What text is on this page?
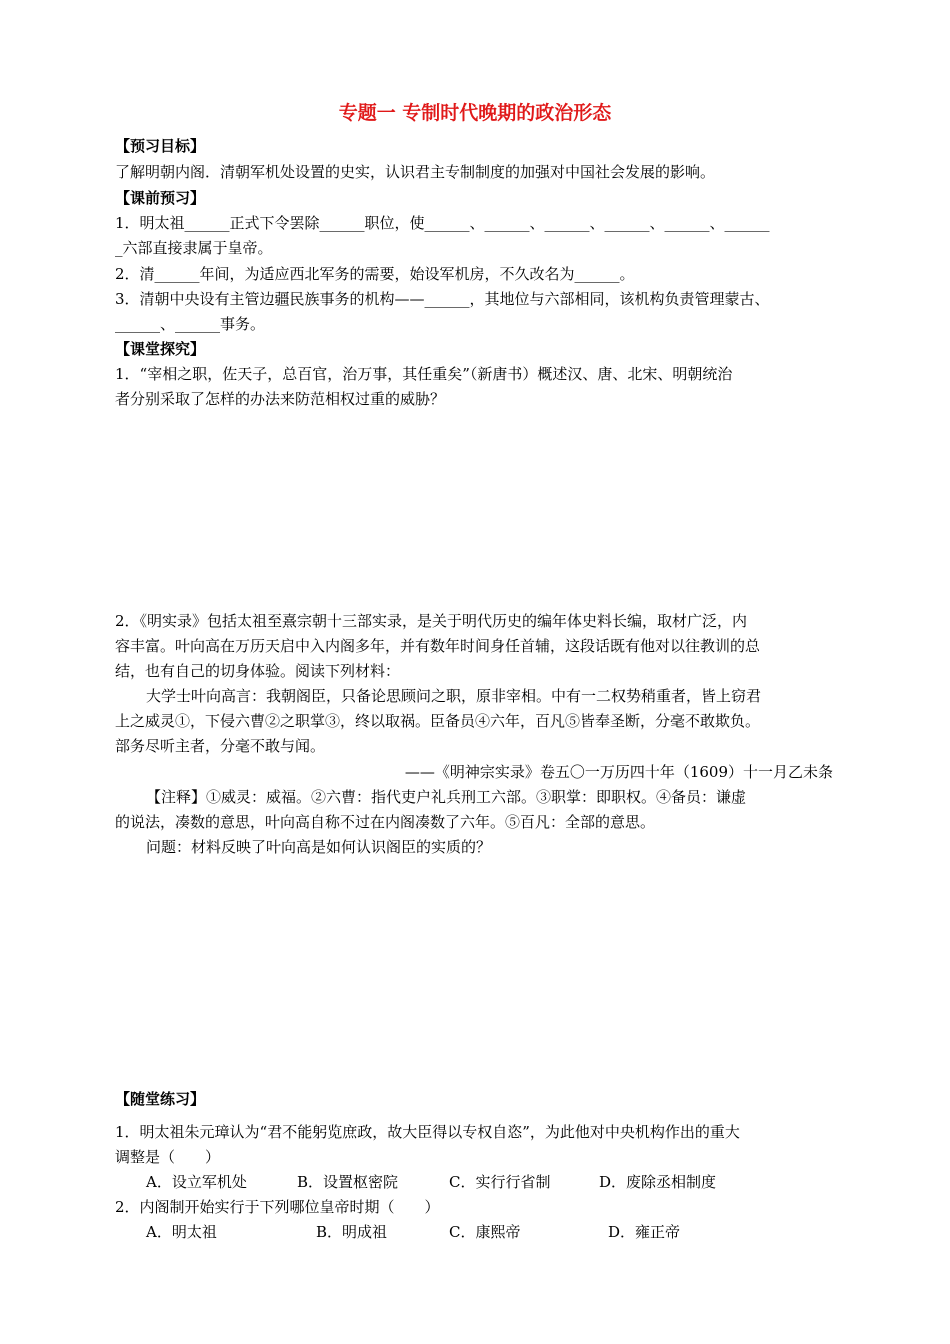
专题一 专制时代晚期的政治形态
【预习目标】
了解明朝内阁．清朝军机处设置的史实，认识君主专制制度的加强对中国社会发展的影响。
【课前预习】
1．明太祖______正式下令罢除______职位，使______、______、______、______、______、______
_六部直接隶属于皇帝。
2．清______年间，为适应西北军务的需要，始设军机房，不久改名为______。
3．清朝中央设有主管边疆民族事务的机构——______，其地位与六部相同，该机构负责管理蒙古、
______、______事务。
【课堂探究】
1．“宰相之职，佐天子，总百官，治万事，其任重矣”（新唐书）概述汉、唐、北宋、明朝统治
者分别采取了怎样的办法来防范相权过重的威胁？
2．《明实录》包括太祖至熹宗朝十三部实录，是关于明代历史的编年体史料长编，取材广泛，内
容丰富。叶向高在万历天启中入内阁多年，并有数年时间身任首辅，这段话既有他对以往教训的总
结，也有自己的切身体验。阅读下列材料：
大学士叶向高言：我朝阁臣，只备论思顾问之职，原非宰相。中有一二权势稍重者，皆上窃君
上之威灵①，下侵六曹②之职掌③，终以取祸。臣备员④六年，百凡⑤皆奉圣断，分毫不敢欺负。
部务尽听主者，分毫不敢与闻。
——《明神宗实录》卷五〇一万历四十年（1609）十一月乙未条
【注释】①威灵：威福。②六曹：指代吏户礼兵刑工六部。③职掌：即职权。④备员：谦虚
的说法，凑数的意思，叶向高自称不过在内阁凑数了六年。⑤百凡：全部的意思。
问题：材料反映了叶向高是如何认识阁臣的实质的？
【随堂练习】
1．明太祖朱元璋认为“君不能躬览庶政，故大臣得以专权自恣”，为此他对中央机构作出的重大
调整是（　　）
A．设立军机处	B．设置枢密院	C．实行行省制	D．废除丞相制度
2．内阁制开始实行于下列哪位皇帝时期（　　）
A．明太祖	B．明成祖	C．康熙帝	D．雍正帝
